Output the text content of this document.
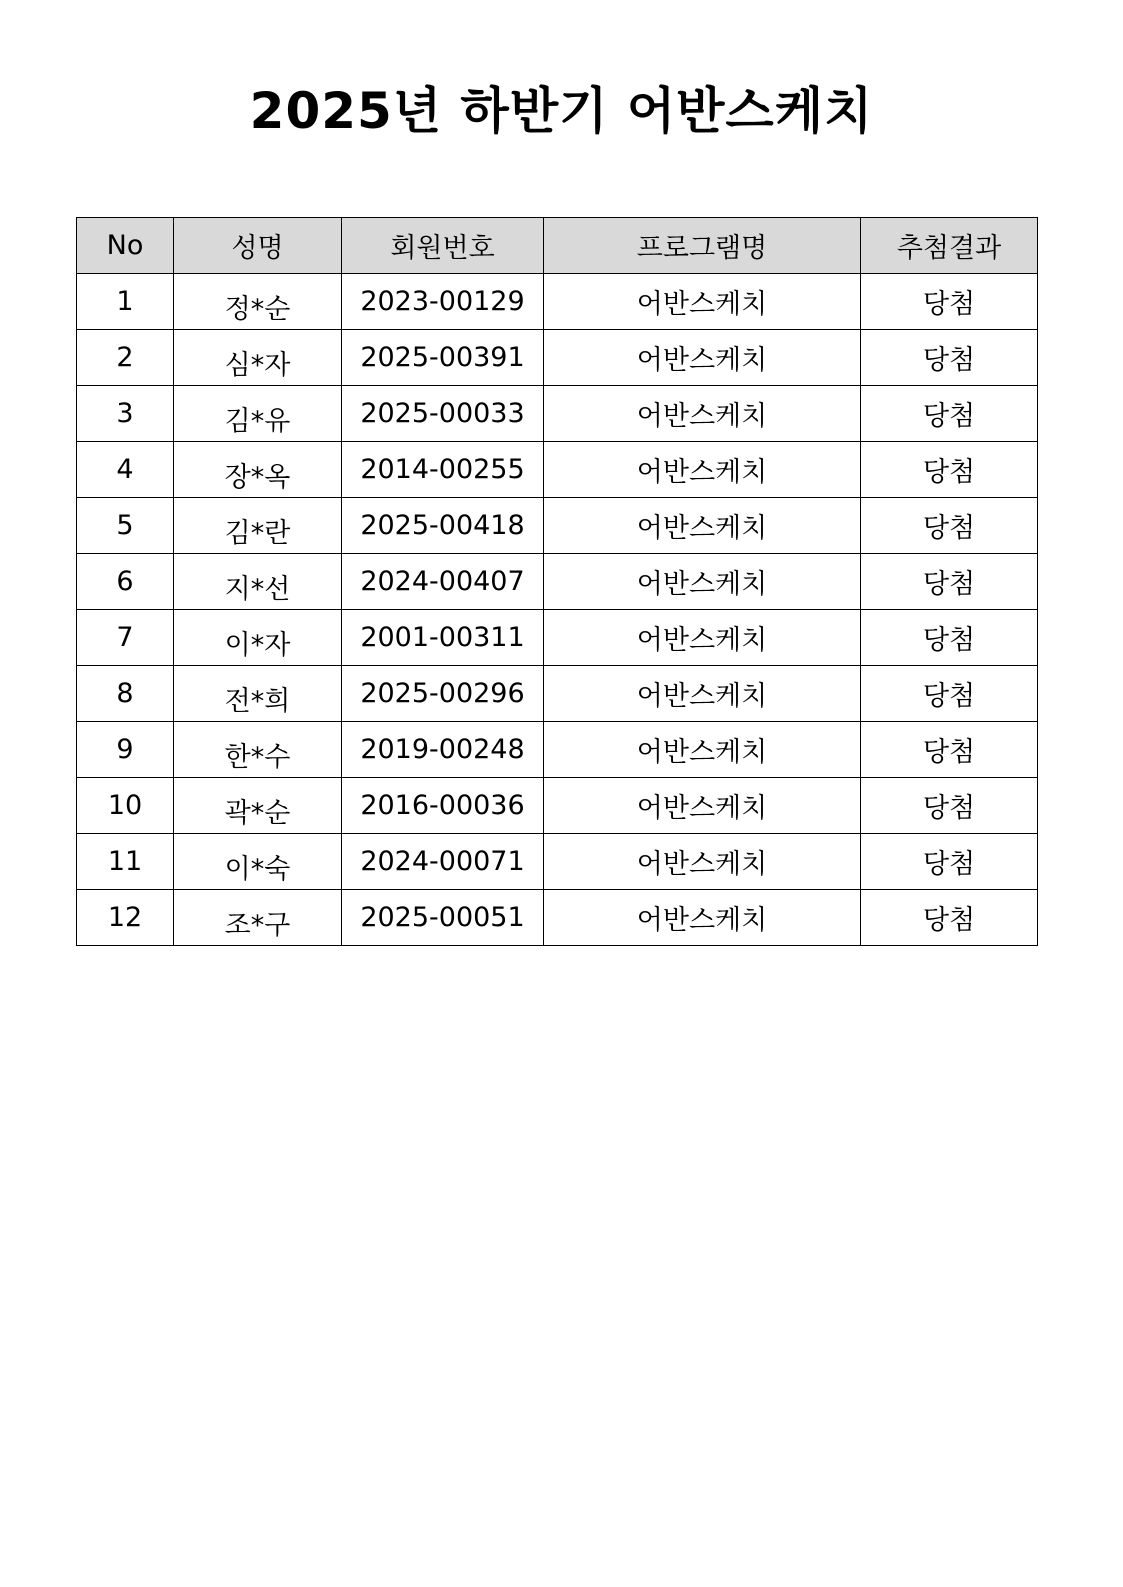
2025년 하반기 어반스케치
No	성명	회원번호	프로그램명	추첨결과
1	정*순	2023-00129	어반스케치	당첨
2	심*자	2025-00391	어반스케치	당첨
3	김*유	2025-00033	어반스케치	당첨
4	장*옥	2014-00255	어반스케치	당첨
5	김*란	2025-00418	어반스케치	당첨
6	지*선	2024-00407	어반스케치	당첨
7	이*자	2001-00311	어반스케치	당첨
8	전*희	2025-00296	어반스케치	당첨
9	한*수	2019-00248	어반스케치	당첨
10	곽*순	2016-00036	어반스케치	당첨
11	이*숙	2024-00071	어반스케치	당첨
12	조*구	2025-00051	어반스케치	당첨
